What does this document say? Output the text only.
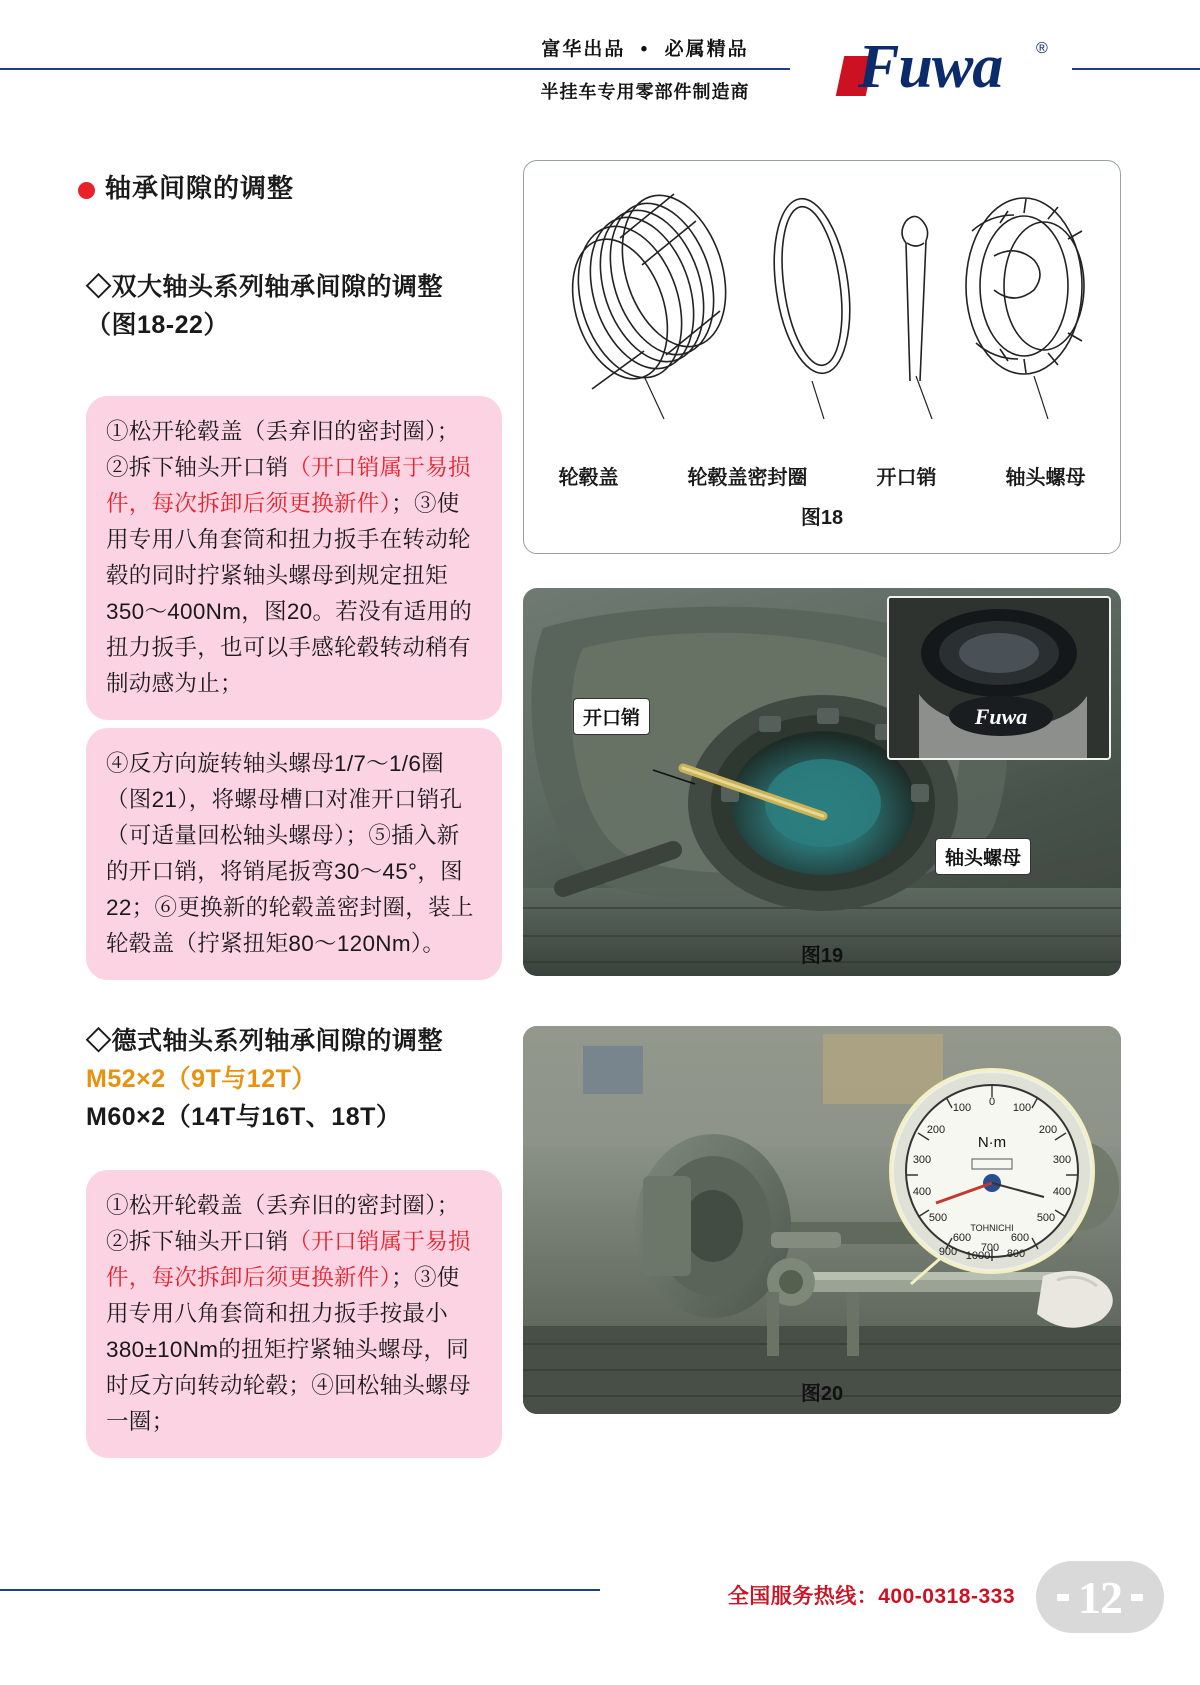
富华出品 • 必属精品
半挂车专用零部件制造商	Fuwa ®
轴承间隙的调整
◇双大轴头系列轴承间隙的调整
（图18-22）
①松开轮毂盖（丢弃旧的密封圈）；②拆下轴头开口销（开口销属于易损件，每次拆卸后须更换新件）；③使用专用八角套筒和扭力扳手在转动轮毂的同时拧紧轴头螺母到规定扭矩350～400Nm，图20。若没有适用的扭力扳手，也可以手感轮毂转动稍有制动感为止；
④反方向旋转轴头螺母1/7～1/6圈（图21），将螺母槽口对准开口销孔（可适量回松轴头螺母）；⑤插入新的开口销，将销尾扳弯30～45°，图22；⑥更换新的轮毂盖密封圈，装上轮毂盖（拧紧扭矩80～120Nm）。
◇德式轴头系列轴承间隙的调整
M52×2（9T与12T）
M60×2（14T与16T、18T）
①松开轮毂盖（丢弃旧的密封圈）；②拆下轴头开口销（开口销属于易损件，每次拆卸后须更换新件）；③使用专用八角套筒和扭力扳手按最小380±10Nm的扭矩拧紧轴头螺母，同时反方向转动轮毂；④回松轴头螺母一圈；
轮毂盖	轮毂盖密封圈	开口销	轴头螺母
图18
Fuwa
开口销
轴头螺母
图19
0 100
200
300
400
500
600
700
100
200
300
400
500
600
900 1000 800
N·m
TOHNICHI
图20
全国服务热线：400-0318-333 12
